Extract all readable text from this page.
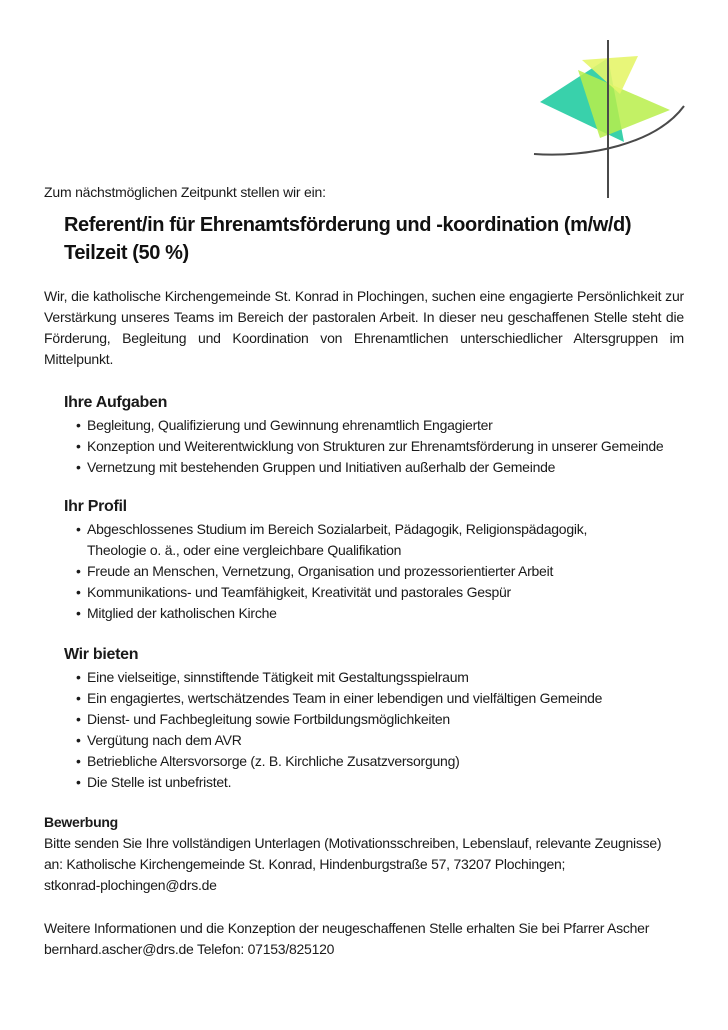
Zum nächstmöglichen Zeitpunkt stellen wir ein:
Referent/in für Ehrenamtsförderung und -koordination (m/w/d)
Teilzeit (50 %)
Wir, die katholische Kirchengemeinde St. Konrad in Plochingen, suchen eine engagierte Persönlichkeit zur Verstärkung unseres Teams im Bereich der pastoralen Arbeit. In dieser neu geschaffenen Stelle steht die Förderung, Begleitung und Koordination von Ehrenamtlichen unterschiedlicher Altersgruppen im Mittelpunkt.
Ihre Aufgaben
• Begleitung, Qualifizierung und Gewinnung ehrenamtlich Engagierter
• Konzeption und Weiterentwicklung von Strukturen zur Ehrenamtsförderung in unserer Gemeinde
• Vernetzung mit bestehenden Gruppen und Initiativen außerhalb der Gemeinde
Ihr Profil
• Abgeschlossenes Studium im Bereich Sozialarbeit, Pädagogik, Religionspädagogik,
Theologie o. ä., oder eine vergleichbare Qualifikation
• Freude an Menschen, Vernetzung, Organisation und prozessorientierter Arbeit
• Kommunikations- und Teamfähigkeit, Kreativität und pastorales Gespür
• Mitglied der katholischen Kirche
Wir bieten
• Eine vielseitige, sinnstiftende Tätigkeit mit Gestaltungsspielraum
• Ein engagiertes, wertschätzendes Team in einer lebendigen und vielfältigen Gemeinde
• Dienst- und Fachbegleitung sowie Fortbildungsmöglichkeiten
• Vergütung nach dem AVR
• Betriebliche Altersvorsorge (z. B. Kirchliche Zusatzversorgung)
• Die Stelle ist unbefristet.
Bewerbung
Bitte senden Sie Ihre vollständigen Unterlagen (Motivationsschreiben, Lebenslauf, relevante Zeugnisse)
an: Katholische Kirchengemeinde St. Konrad, Hindenburgstraße 57, 73207 Plochingen;
stkonrad-plochingen@drs.de
Weitere Informationen und die Konzeption der neugeschaffenen Stelle erhalten Sie bei Pfarrer Ascher
bernhard.ascher@drs.de Telefon: 07153/825120
